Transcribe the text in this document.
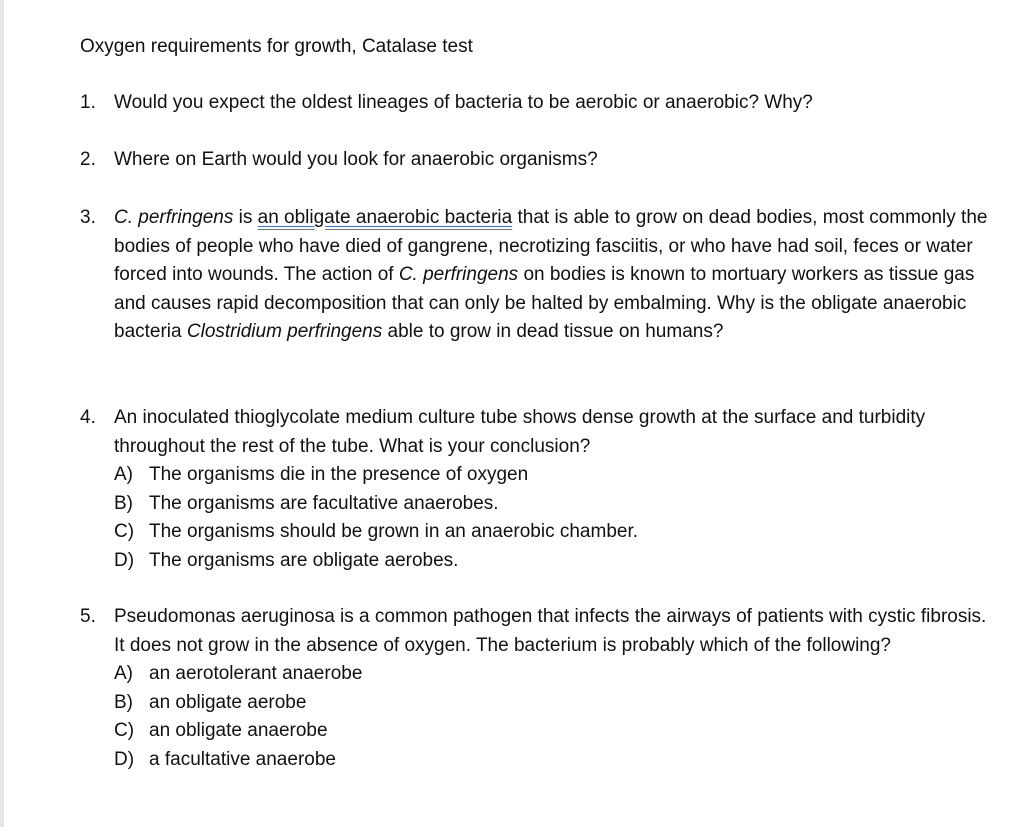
Oxygen requirements for growth, Catalase test
1. Would you expect the oldest lineages of bacteria to be aerobic or anaerobic? Why?
2. Where on Earth would you look for anaerobic organisms?
3. C. perfringens is an obligate anaerobic bacteria that is able to grow on dead bodies, most commonly the bodies of people who have died of gangrene, necrotizing fasciitis, or who have had soil, feces or water forced into wounds. The action of C. perfringens on bodies is known to mortuary workers as tissue gas and causes rapid decomposition that can only be halted by embalming. Why is the obligate anaerobic bacteria Clostridium perfringens able to grow in dead tissue on humans?
4. An inoculated thioglycolate medium culture tube shows dense growth at the surface and turbidity throughout the rest of the tube. What is your conclusion?
A) The organisms die in the presence of oxygen
B) The organisms are facultative anaerobes.
C) The organisms should be grown in an anaerobic chamber.
D) The organisms are obligate aerobes.
5. Pseudomonas aeruginosa is a common pathogen that infects the airways of patients with cystic fibrosis. It does not grow in the absence of oxygen. The bacterium is probably which of the following?
A) an aerotolerant anaerobe
B) an obligate aerobe
C) an obligate anaerobe
D) a facultative anaerobe
